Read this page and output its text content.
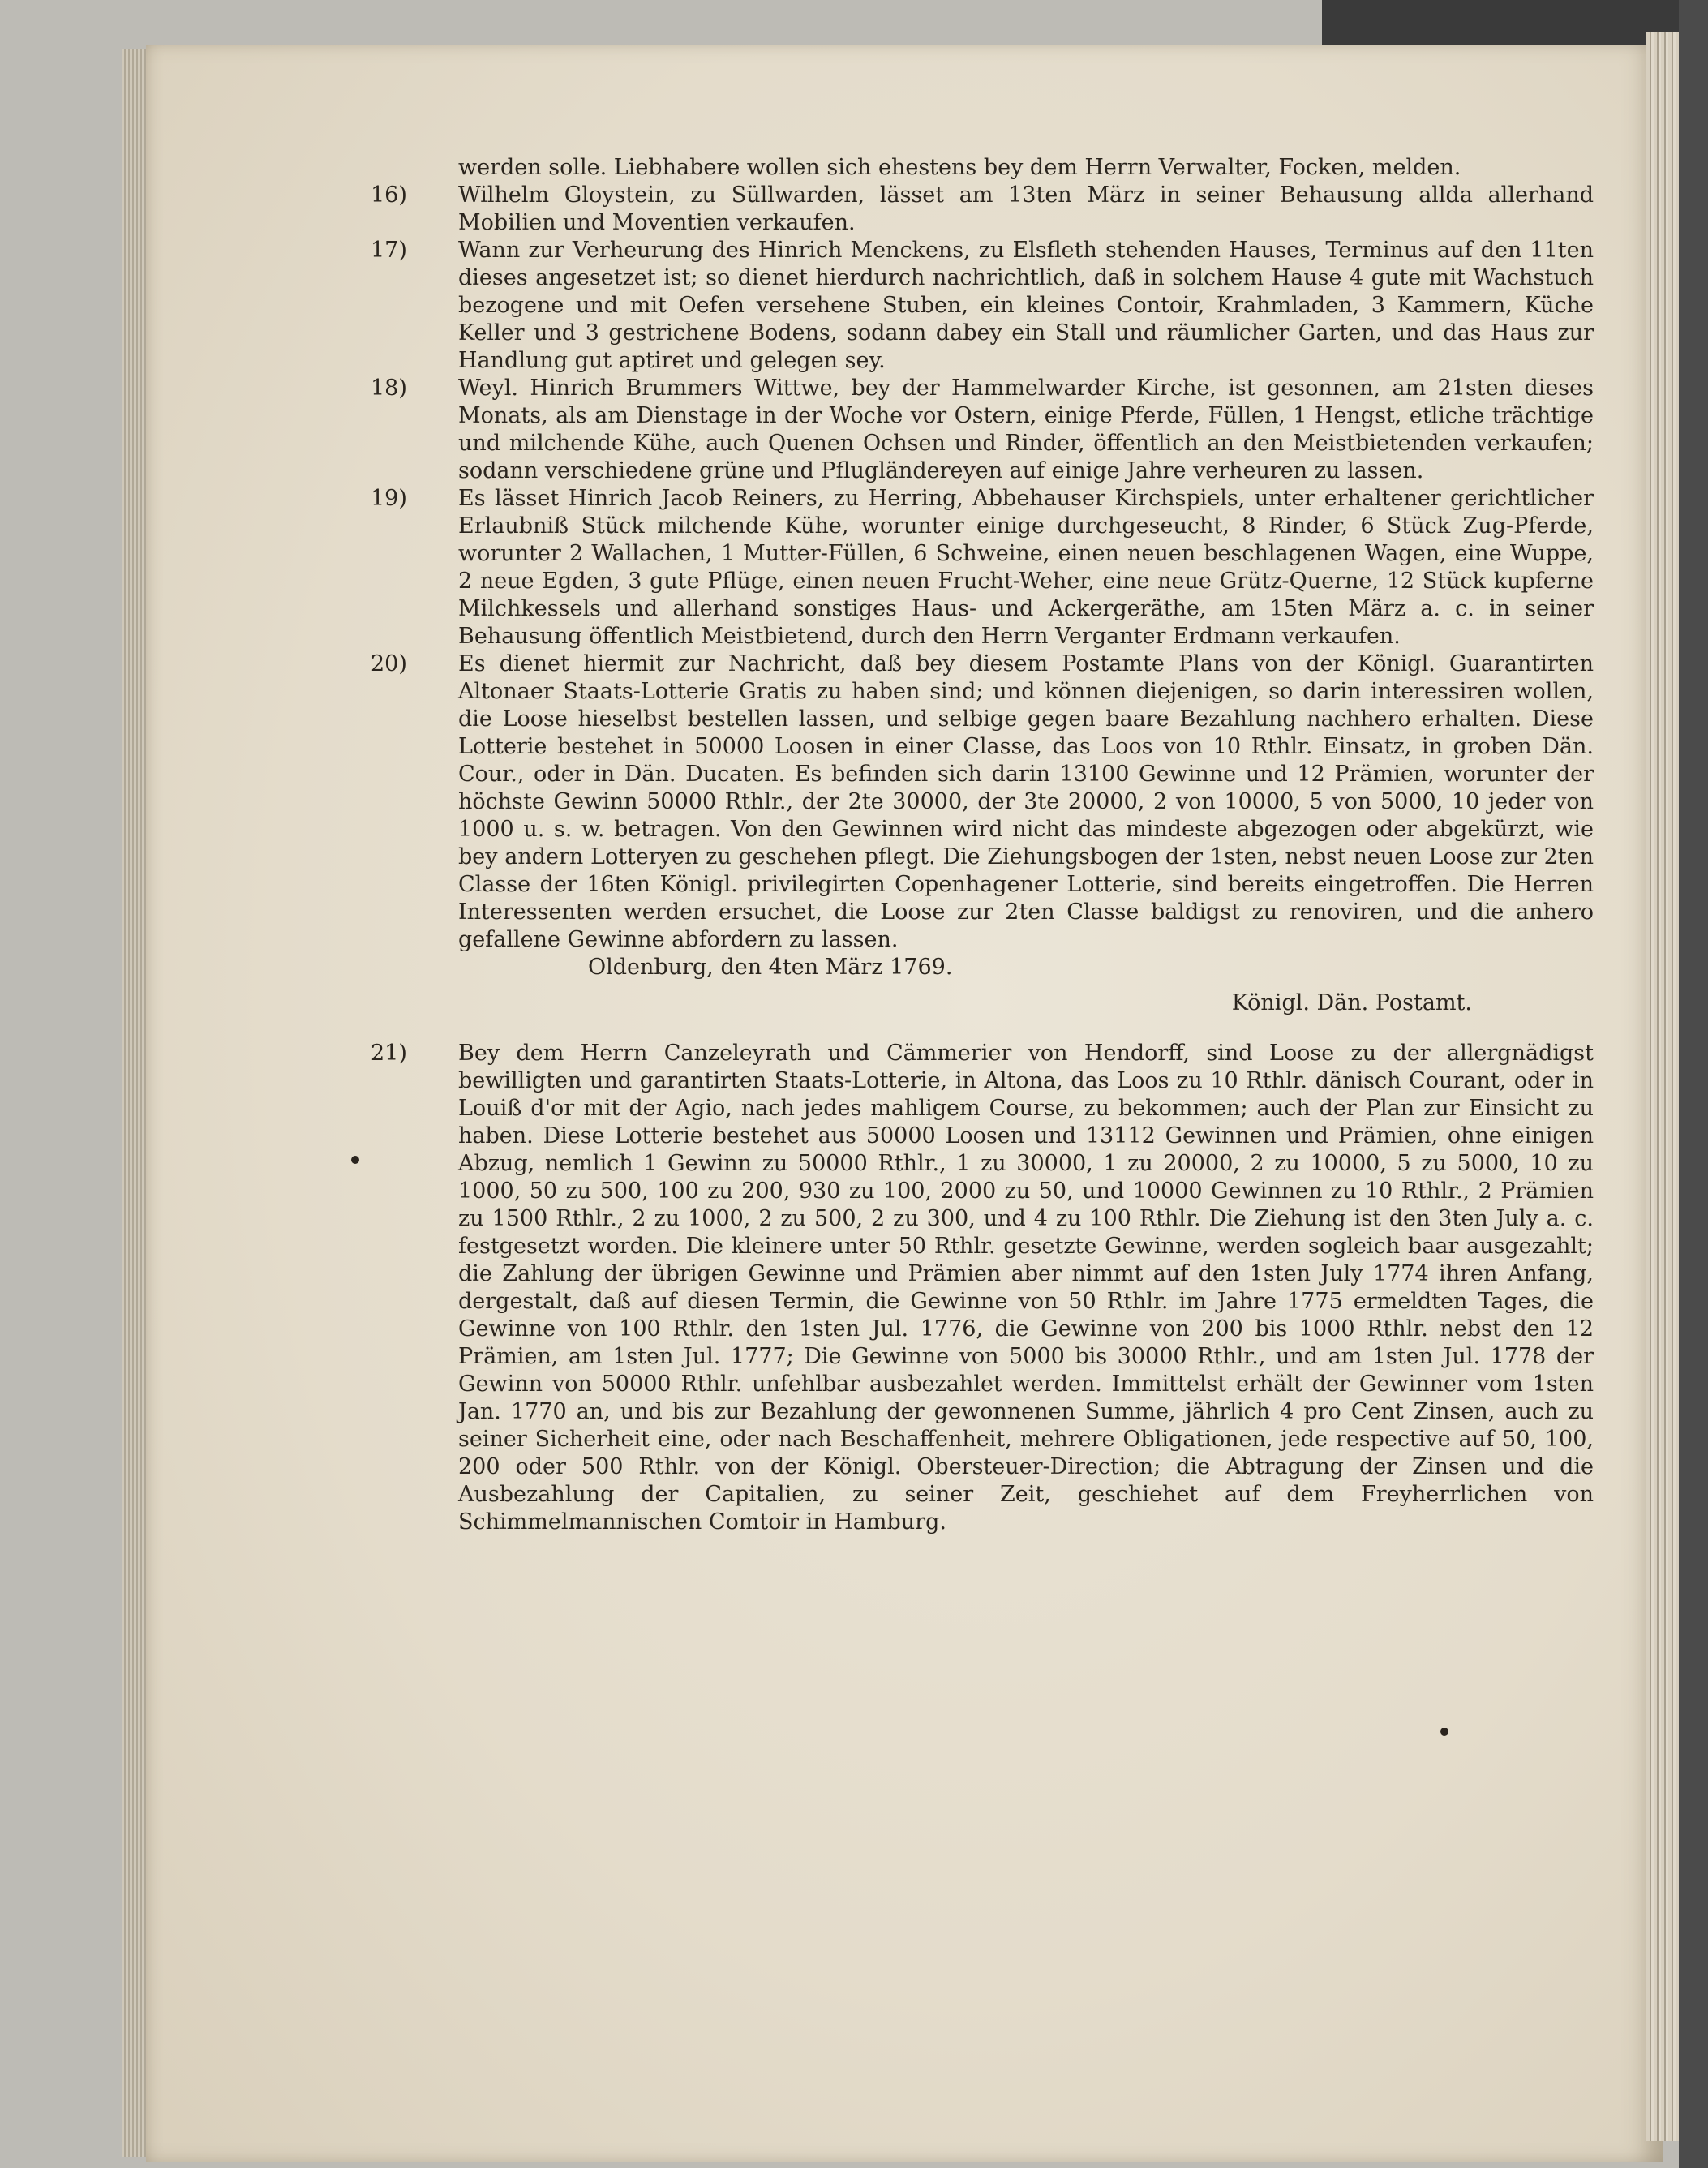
werden solle. Liebhabere wollen sich ehestens bey dem Herrn Verwalter, Focken, melden.

16)	Wilhelm Gloystein, zu Süllwarden, lässet am 13ten März in seiner Behausung allda allerhand Mobilien und Moventien verkaufen.

17)	Wann zur Verheurung des Hinrich Menckens, zu Elsfleth stehenden Hauses, Terminus auf den 11ten dieses angesetzet ist; so dienet hierdurch nachrichtlich, daß in solchem Hause 4 gute mit Wachstuch bezogene und mit Oefen versehene Stuben, ein kleines Contoir, Krahmladen, 3 Kammern, Küche Keller und 3 gestrichene Bodens, sodann dabey ein Stall und räumlicher Garten, und das Haus zur Handlung gut aptiret und gelegen sey.

18)	Weyl. Hinrich Brummers Wittwe, bey der Hammelwarder Kirche, ist gesonnen, am 21sten dieses Monats, als am Dienstage in der Woche vor Ostern, einige Pferde, Füllen, 1 Hengst, etliche trächtige und milchende Kühe, auch Quenen Ochsen und Rinder, öffentlich an den Meistbietenden verkaufen; sodann verschiedene grüne und Pflugländereyen auf einige Jahre verheuren zu lassen.

19)	Es lässet Hinrich Jacob Reiners, zu Herring, Abbehauser Kirchspiels, unter erhaltener gerichtlicher Erlaubniß Stück milchende Kühe, worunter einige durchgeseucht, 8 Rinder, 6 Stück Zug-Pferde, worunter 2 Wallachen, 1 Mutter-Füllen, 6 Schweine, einen neuen beschlagenen Wagen, eine Wuppe, 2 neue Egden, 3 gute Pflüge, einen neuen Frucht-Weher, eine neue Grütz-Querne, 12 Stück kupferne Milchkessels und allerhand sonstiges Haus- und Ackergeräthe, am 15ten März a. c. in seiner Behausung öffentlich Meistbietend, durch den Herrn Verganter Erdmann verkaufen.

20)	Es dienet hiermit zur Nachricht, daß bey diesem Postamte Plans von der Königl. Guarantirten Altonaer Staats-Lotterie Gratis zu haben sind; und können diejenigen, so darin interessiren wollen, die Loose hieselbst bestellen lassen, und selbige gegen baare Bezahlung nachhero erhalten. Diese Lotterie bestehet in 50000 Loosen in einer Classe, das Loos von 10 Rthlr. Einsatz, in groben Dän. Cour., oder in Dän. Ducaten. Es befinden sich darin 13100 Gewinne und 12 Prämien, worunter der höchste Gewinn 50000 Rthlr., der 2te 30000, der 3te 20000, 2 von 10000, 5 von 5000, 10 jeder von 1000 u. s. w. betragen. Von den Gewinnen wird nicht das mindeste abgezogen oder abgekürzt, wie bey andern Lotteryen zu geschehen pflegt. Die Ziehungsbogen der 1sten, nebst neuen Loose zur 2ten Classe der 16ten Königl. privilegirten Copenhagener Lotterie, sind bereits eingetroffen. Die Herren Interessenten werden ersuchet, die Loose zur 2ten Classe baldigst zu renoviren, und die anhero gefallene Gewinne abfordern zu lassen.

Oldenburg, den 4ten März 1769.

Königl. Dän. Postamt.

21)	Bey dem Herrn Canzeleyrath und Cämmerier von Hendorff, sind Loose zu der allergnädigst bewilligten und garantirten Staats-Lotterie, in Altona, das Loos zu 10 Rthlr. dänisch Courant, oder in Louiß d'or mit der Agio, nach jedes mahligem Course, zu bekommen; auch der Plan zur Einsicht zu haben. Diese Lotterie bestehet aus 50000 Loosen und 13112 Gewinnen und Prämien, ohne einigen Abzug, nemlich 1 Gewinn zu 50000 Rthlr., 1 zu 30000, 1 zu 20000, 2 zu 10000, 5 zu 5000, 10 zu 1000, 50 zu 500, 100 zu 200, 930 zu 100, 2000 zu 50, und 10000 Gewinnen zu 10 Rthlr., 2 Prämien zu 1500 Rthlr., 2 zu 1000, 2 zu 500, 2 zu 300, und 4 zu 100 Rthlr. Die Ziehung ist den 3ten July a. c. festgesetzt worden. Die kleinere unter 50 Rthlr. gesetzte Gewinne, werden sogleich baar ausgezahlt; die Zahlung der übrigen Gewinne und Prämien aber nimmt auf den 1sten July 1774 ihren Anfang, dergestalt, daß auf diesen Termin, die Gewinne von 50 Rthlr. im Jahre 1775 ermeldten Tages, die Gewinne von 100 Rthlr. den 1sten Jul. 1776, die Gewinne von 200 bis 1000 Rthlr. nebst den 12 Prämien, am 1sten Jul. 1777; Die Gewinne von 5000 bis 30000 Rthlr., und am 1sten Jul. 1778 der Gewinn von 50000 Rthlr. unfehlbar ausbezahlet werden. Immittelst erhält der Gewinner vom 1sten Jan. 1770 an, und bis zur Bezahlung der gewonnenen Summe, jährlich 4 pro Cent Zinsen, auch zu seiner Sicherheit eine, oder nach Beschaffenheit, mehrere Obligationen, jede respective auf 50, 100, 200 oder 500 Rthlr. von der Königl. Obersteuer-Direction; die Abtragung der Zinsen und die Ausbezahlung der Capitalien, zu seiner Zeit, geschiehet auf dem Freyherrlichen von Schimmelmannischen Comtoir in Hamburg.
